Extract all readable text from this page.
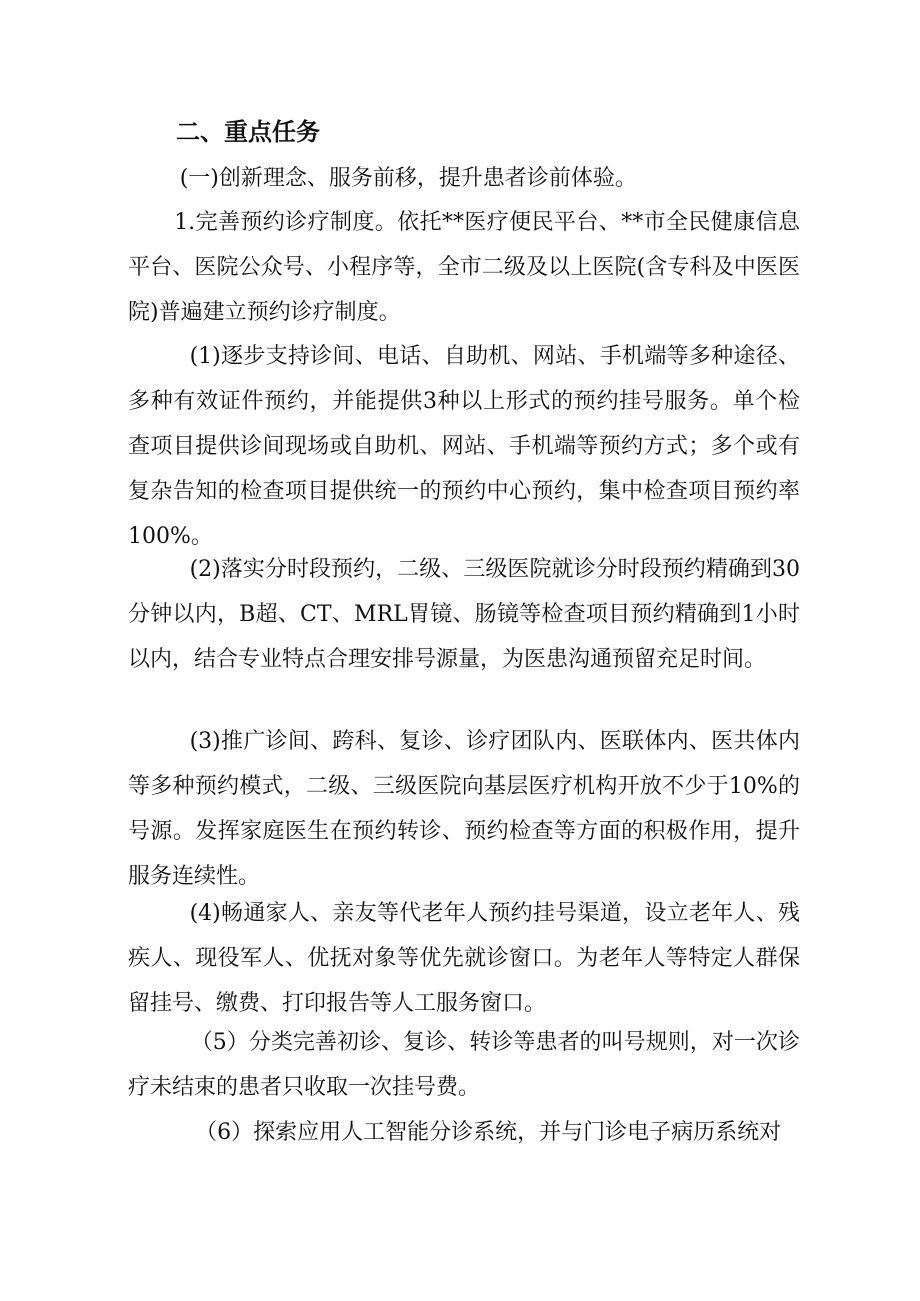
二、重点任务

(一)创新理念、服务前移，提升患者诊前体验。

1.完善预约诊疗制度。依托**医疗便民平台、**市全民健康信息平台、医院公众号、小程序等，全市二级及以上医院(含专科及中医医院)普遍建立预约诊疗制度。

(1)逐步支持诊间、电话、自助机、网站、手机端等多种途径、多种有效证件预约，并能提供3种以上形式的预约挂号服务。单个检查项目提供诊间现场或自助机、网站、手机端等预约方式；多个或有复杂告知的检查项目提供统一的预约中心预约，集中检查项目预约率100%。

(2)落实分时段预约，二级、三级医院就诊分时段预约精确到30分钟以内，B超、CT、MRL胃镜、肠镜等检查项目预约精确到1小时以内，结合专业特点合理安排号源量，为医患沟通预留充足时间。

(3)推广诊间、跨科、复诊、诊疗团队内、医联体内、医共体内等多种预约模式，二级、三级医院向基层医疗机构开放不少于10%的号源。发挥家庭医生在预约转诊、预约检查等方面的积极作用，提升服务连续性。

(4)畅通家人、亲友等代老年人预约挂号渠道，设立老年人、残疾人、现役军人、优抚对象等优先就诊窗口。为老年人等特定人群保留挂号、缴费、打印报告等人工服务窗口。

（5）分类完善初诊、复诊、转诊等患者的叫号规则，对一次诊疗未结束的患者只收取一次挂号费。

（6）探索应用人工智能分诊系统，并与门诊电子病历系统对
